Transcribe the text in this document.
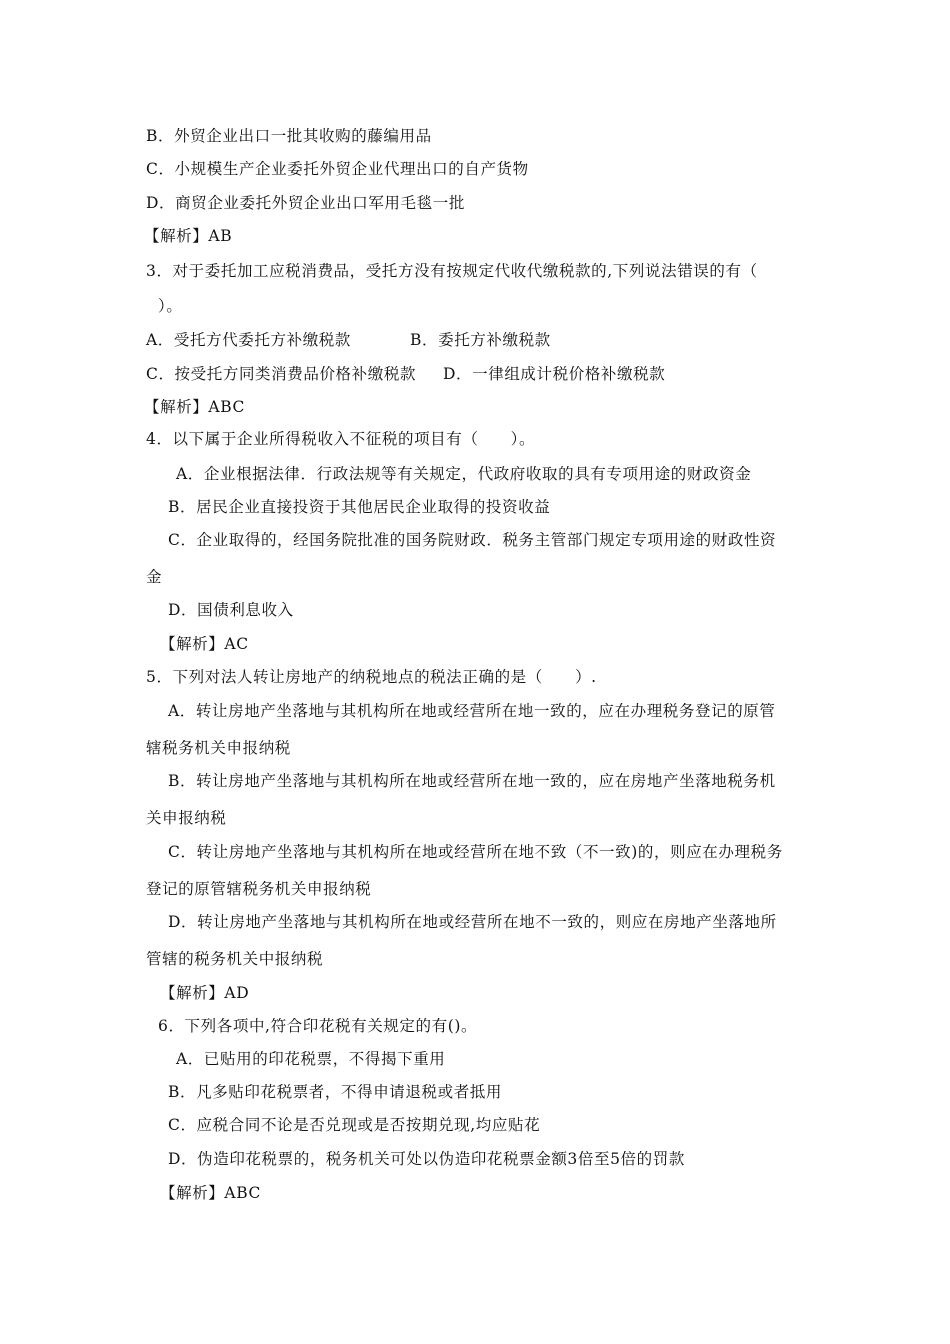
B．外贸企业出口一批其收购的藤编用品
C．小规模生产企业委托外贸企业代理出口的自产货物
D．商贸企业委托外贸企业出口军用毛毯一批
【解析】AB
3．对于委托加工应税消费品，受托方没有按规定代收代缴税款的,下列说法错误的有（
）。
A．受托方代委托方补缴税款	B．委托方补缴税款
C．按受托方同类消费品价格补缴税款 D．一律组成计税价格补缴税款
【解析】ABC
4．以下属于企业所得税收入不征税的项目有（　　）。
A．企业根据法律．行政法规等有关规定，代政府收取的具有专项用途的财政资金
B．居民企业直接投资于其他居民企业取得的投资收益
C．企业取得的，经国务院批准的国务院财政．税务主管部门规定专项用途的财政性资
金
D．国债利息收入
【解析】AC
5．下列对法人转让房地产的纳税地点的税法正确的是（　　）.
A．转让房地产坐落地与其机构所在地或经营所在地一致的，应在办理税务登记的原管
辖税务机关申报纳税
B．转让房地产坐落地与其机构所在地或经营所在地一致的，应在房地产坐落地税务机
关申报纳税
C．转让房地产坐落地与其机构所在地或经营所在地不致（不一致)的，则应在办理税务
登记的原管辖税务机关申报纳税
D．转让房地产坐落地与其机构所在地或经营所在地不一致的，则应在房地产坐落地所
管辖的税务机关中报纳税
【解析】AD
6．下列各项中,符合印花税有关规定的有()。
A．已贴用的印花税票，不得揭下重用
B．凡多贴印花税票者，不得申请退税或者抵用
C．应税合同不论是否兑现或是否按期兑现,均应贴花
D．伪造印花税票的，税务机关可处以伪造印花税票金额3倍至5倍的罚款
【解析】ABC
